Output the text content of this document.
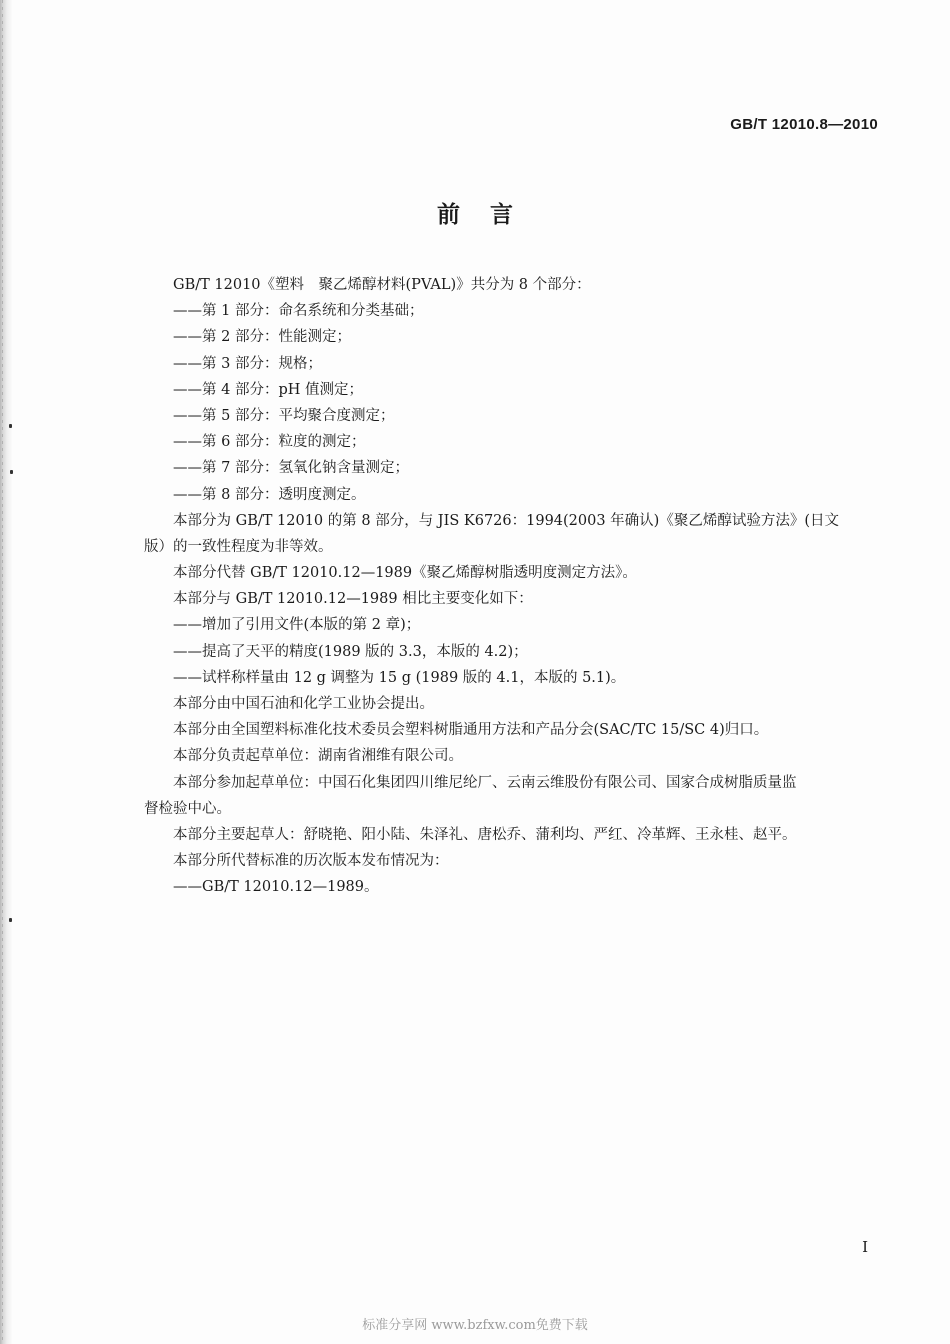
GB/T 12010.8—2010
前言
GB/T 12010《塑料　聚乙烯醇材料(PVAL)》共分为 8 个部分：
——第 1 部分：命名系统和分类基础；
——第 2 部分：性能测定；
——第 3 部分：规格；
——第 4 部分：pH 值测定；
——第 5 部分：平均聚合度测定；
——第 6 部分：粒度的测定；
——第 7 部分：氢氧化钠含量测定；
——第 8 部分：透明度测定。
本部分为 GB/T 12010 的第 8 部分，与 JIS K6726：1994(2003 年确认)《聚乙烯醇试验方法》(日文
版）的一致性程度为非等效。
本部分代替 GB/T 12010.12—1989《聚乙烯醇树脂透明度测定方法》。
本部分与 GB/T 12010.12—1989 相比主要变化如下：
——增加了引用文件(本版的第 2 章)；
——提高了天平的精度(1989 版的 3.3，本版的 4.2)；
——试样称样量由 12 g 调整为 15 g (1989 版的 4.1，本版的 5.1)。
本部分由中国石油和化学工业协会提出。
本部分由全国塑料标准化技术委员会塑料树脂通用方法和产品分会(SAC/TC 15/SC 4)归口。
本部分负责起草单位：湖南省湘维有限公司。
本部分参加起草单位：中国石化集团四川维尼纶厂、云南云维股份有限公司、国家合成树脂质量监
督检验中心。
本部分主要起草人：舒晓艳、阳小陆、朱泽礼、唐松乔、蒲利均、严红、冷革辉、王永桂、赵平。
本部分所代替标准的历次版本发布情况为：
——GB/T 12010.12—1989。
I
标准分享网 www.bzfxw.com免费下载
